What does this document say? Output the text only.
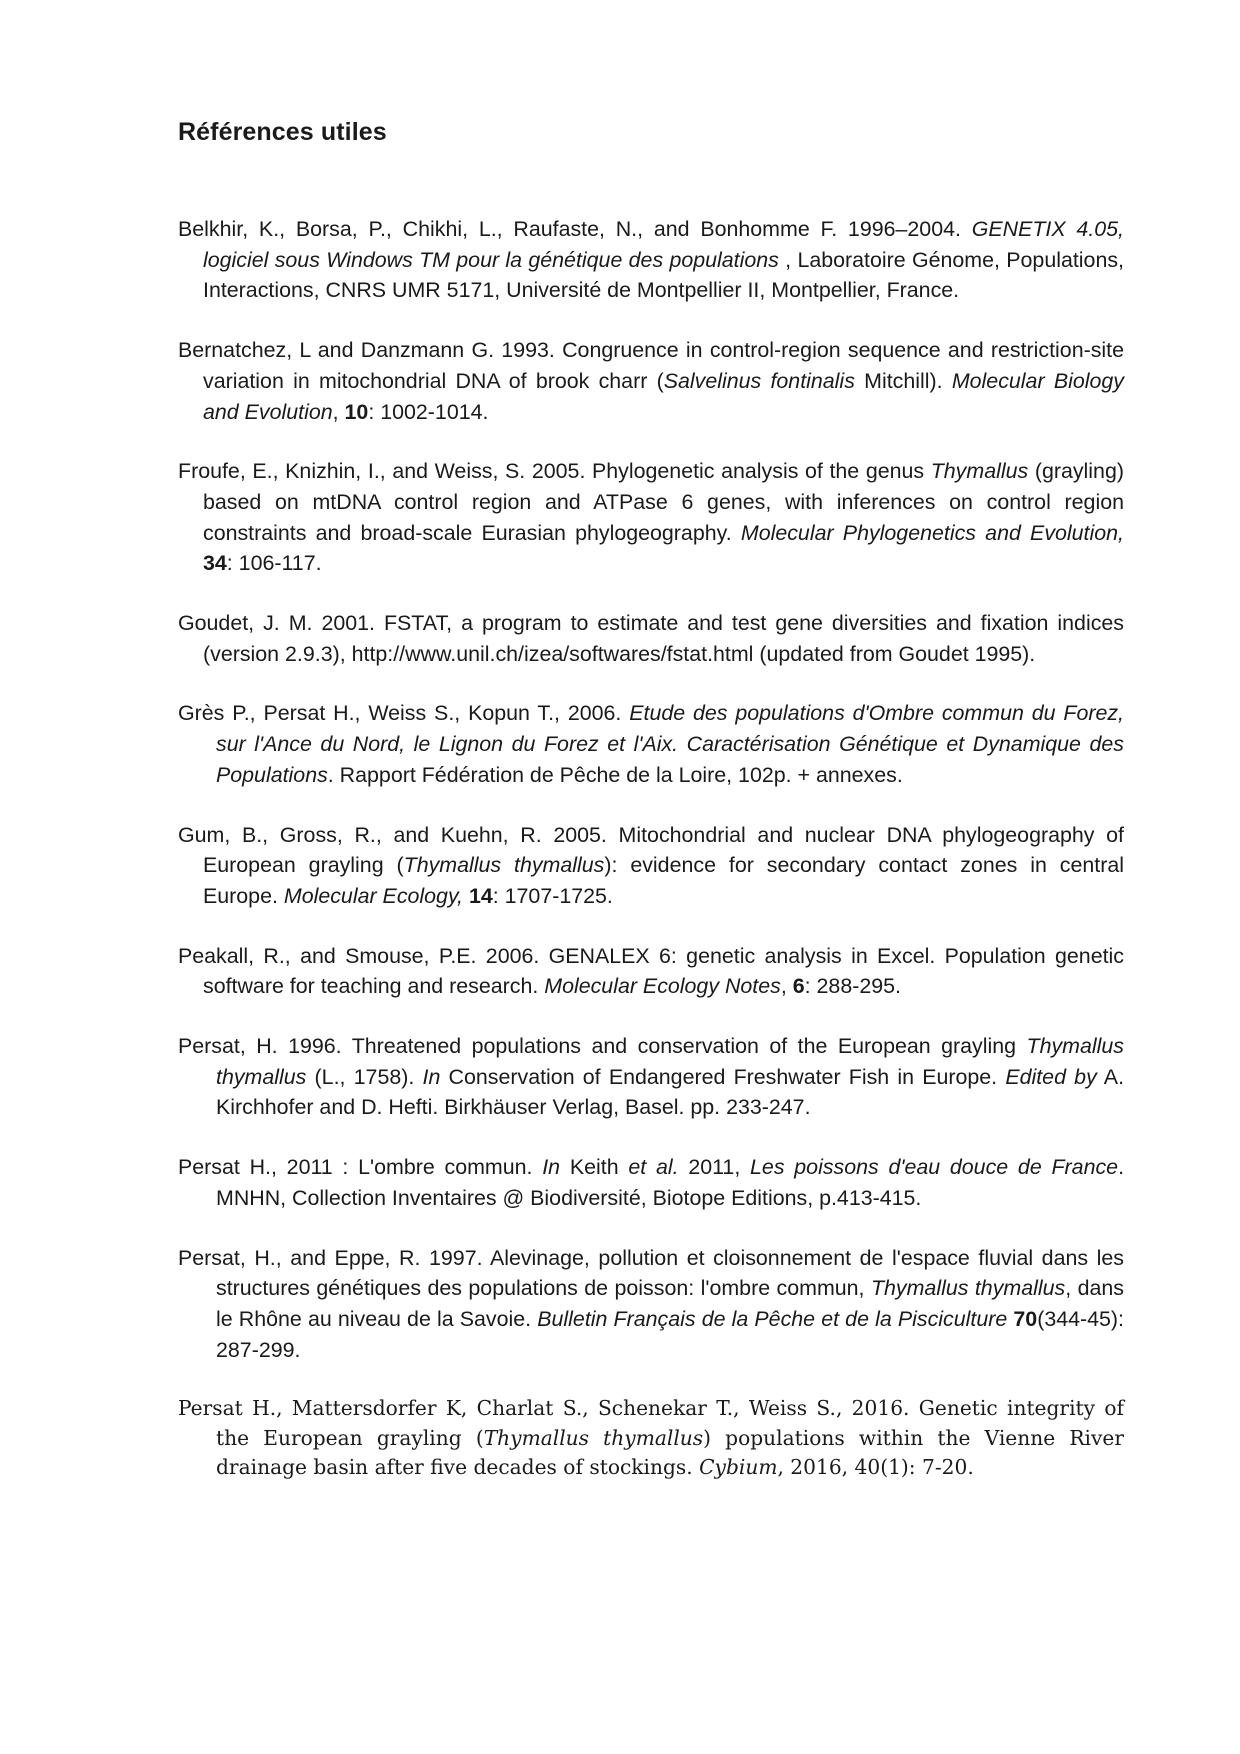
Références utiles

Belkhir, K., Borsa, P., Chikhi, L., Raufaste, N., and Bonhomme F. 1996–2004. GENETIX 4.05, logiciel sous Windows TM pour la génétique des populations , Laboratoire Génome, Populations, Interactions, CNRS UMR 5171, Université de Montpellier II, Montpellier, France.

Bernatchez, L and Danzmann G. 1993. Congruence in control-region sequence and restriction-site variation in mitochondrial DNA of brook charr (Salvelinus fontinalis Mitchill). Molecular Biology and Evolution, 10: 1002-1014.

Froufe, E., Knizhin, I., and Weiss, S. 2005. Phylogenetic analysis of the genus Thymallus (grayling) based on mtDNA control region and ATPase 6 genes, with inferences on control region constraints and broad-scale Eurasian phylogeography. Molecular Phylogenetics and Evolution, 34: 106-117.

Goudet, J. M. 2001. FSTAT, a program to estimate and test gene diversities and fixation indices (version 2.9.3), http://www.unil.ch/izea/softwares/fstat.html (updated from Goudet 1995).

Grès P., Persat H., Weiss S., Kopun T., 2006. Etude des populations d'Ombre commun du Forez, sur l'Ance du Nord, le Lignon du Forez et l'Aix. Caractérisation Génétique et Dynamique des Populations. Rapport Fédération de Pêche de la Loire, 102p. + annexes.

Gum, B., Gross, R., and Kuehn, R. 2005. Mitochondrial and nuclear DNA phylogeography of European grayling (Thymallus thymallus): evidence for secondary contact zones in central Europe. Molecular Ecology, 14: 1707-1725.

Peakall, R., and Smouse, P.E. 2006. GENALEX 6: genetic analysis in Excel. Population genetic software for teaching and research. Molecular Ecology Notes, 6: 288-295.

Persat, H. 1996. Threatened populations and conservation of the European grayling Thymallus thymallus (L., 1758). In Conservation of Endangered Freshwater Fish in Europe. Edited by A. Kirchhofer and D. Hefti. Birkhäuser Verlag, Basel. pp. 233-247.

Persat H., 2011 : L'ombre commun. In Keith et al. 2011, Les poissons d'eau douce de France. MNHN, Collection Inventaires @ Biodiversité, Biotope Editions, p.413-415.

Persat, H., and Eppe, R. 1997. Alevinage, pollution et cloisonnement de l'espace fluvial dans les structures génétiques des populations de poisson: l'ombre commun, Thymallus thymallus, dans le Rhône au niveau de la Savoie. Bulletin Français de la Pêche et de la Pisciculture 70(344-45): 287-299.

Persat H., Mattersdorfer K, Charlat S., Schenekar T., Weiss S., 2016. Genetic integrity of the European grayling (Thymallus thymallus) populations within the Vienne River drainage basin after five decades of stockings. Cybium, 2016, 40(1): 7-20.
